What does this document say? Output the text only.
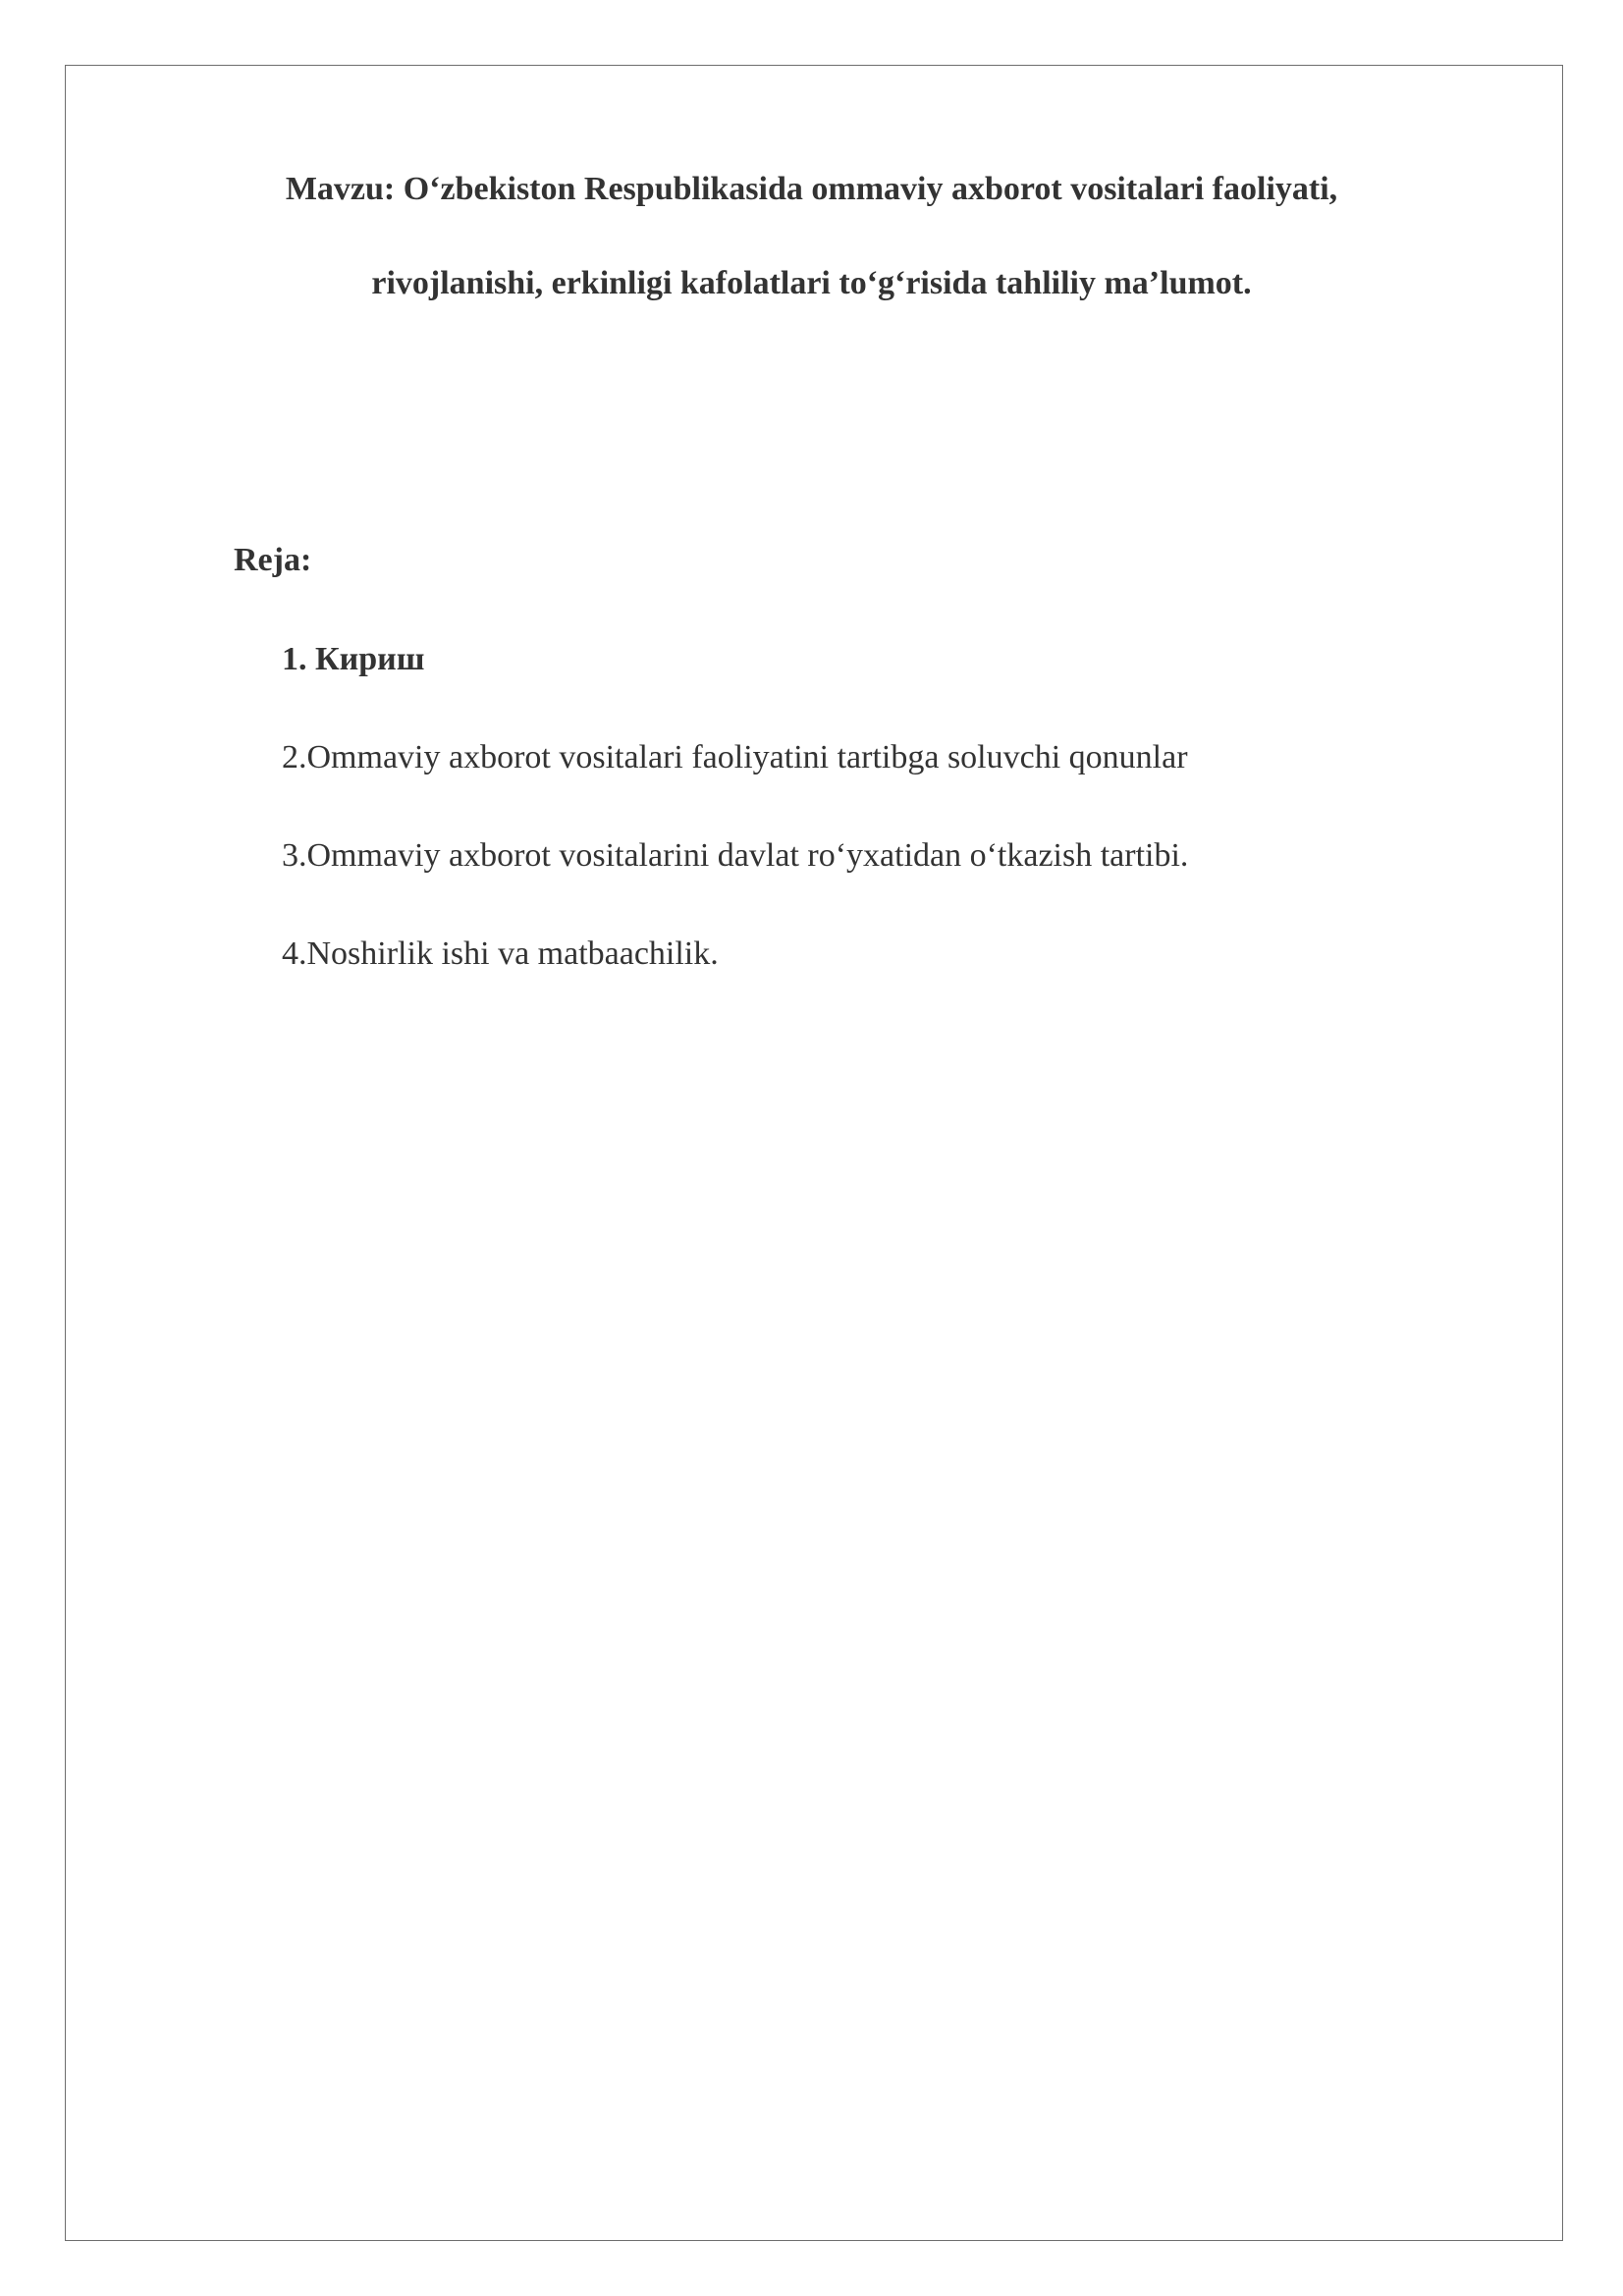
Mavzu: O‘zbekiston Respublikasida ommaviy axborot vositalari faoliyati,
rivojlanishi, erkinligi kafolatlari to‘g‘risida tahliliy ma’lumot.

Reja:

1. Кириш
2.Ommaviy axborot vositalari faoliyatini tartibga soluvchi qonunlar
3.Ommaviy axborot vositalarini davlat ro‘yxatidan o‘tkazish tartibi.
4.Noshirlik ishi va matbaachilik.
